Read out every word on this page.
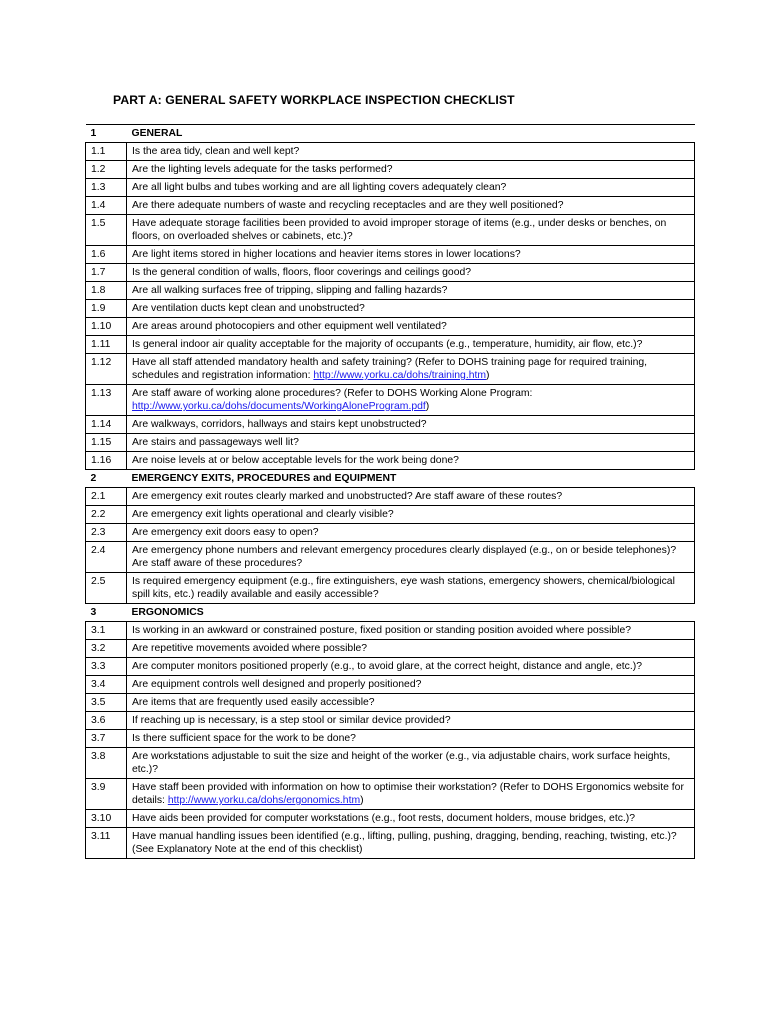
PART A: GENERAL SAFETY WORKPLACE INSPECTION CHECKLIST
1	GENERAL
1.1	Is the area tidy, clean and well kept?
1.2	Are the lighting levels adequate for the tasks performed?
1.3	Are all light bulbs and tubes working and are all lighting covers adequately clean?
1.4	Are there adequate numbers of waste and recycling receptacles and are they well positioned?
1.5	Have adequate storage facilities been provided to avoid improper storage of items (e.g., under desks or benches, on floors, on overloaded shelves or cabinets, etc.)?
1.6	Are light items stored in higher locations and heavier items stores in lower locations?
1.7	Is the general condition of walls, floors, floor coverings and ceilings good?
1.8	Are all walking surfaces free of tripping, slipping and falling hazards?
1.9	Are ventilation ducts kept clean and unobstructed?
1.10	Are areas around photocopiers and other equipment well ventilated?
1.11	Is general indoor air quality acceptable for the majority of occupants (e.g., temperature, humidity, air flow, etc.)?
1.12	Have all staff attended mandatory health and safety training? (Refer to DOHS training page for required training, schedules and registration information: http://www.yorku.ca/dohs/training.htm)
1.13	Are staff aware of working alone procedures? (Refer to DOHS Working Alone Program: http://www.yorku.ca/dohs/documents/WorkingAloneProgram.pdf)
1.14	Are walkways, corridors, hallways and stairs kept unobstructed?
1.15	Are stairs and passageways well lit?
1.16	Are noise levels at or below acceptable levels for the work being done?
2	EMERGENCY EXITS, PROCEDURES and EQUIPMENT
2.1	Are emergency exit routes clearly marked and unobstructed? Are staff aware of these routes?
2.2	Are emergency exit lights operational and clearly visible?
2.3	Are emergency exit doors easy to open?
2.4	Are emergency phone numbers and relevant emergency procedures clearly displayed (e.g., on or beside telephones)? Are staff aware of these procedures?
2.5	Is required emergency equipment (e.g., fire extinguishers, eye wash stations, emergency showers, chemical/biological spill kits, etc.) readily available and easily accessible?
3	ERGONOMICS
3.1	Is working in an awkward or constrained posture, fixed position or standing position avoided where possible?
3.2	Are repetitive movements avoided where possible?
3.3	Are computer monitors positioned properly (e.g., to avoid glare, at the correct height, distance and angle, etc.)?
3.4	Are equipment controls well designed and properly positioned?
3.5	Are items that are frequently used easily accessible?
3.6	If reaching up is necessary, is a step stool or similar device provided?
3.7	Is there sufficient space for the work to be done?
3.8	Are workstations adjustable to suit the size and height of the worker (e.g., via adjustable chairs, work surface heights, etc.)?
3.9	Have staff been provided with information on how to optimise their workstation? (Refer to DOHS Ergonomics website for details: http://www.yorku.ca/dohs/ergonomics.htm)
3.10	Have aids been provided for computer workstations (e.g., foot rests, document holders, mouse bridges, etc.)?
3.11	Have manual handling issues been identified (e.g., lifting, pulling, pushing, dragging, bending, reaching, twisting, etc.)? (See Explanatory Note at the end of this checklist)
